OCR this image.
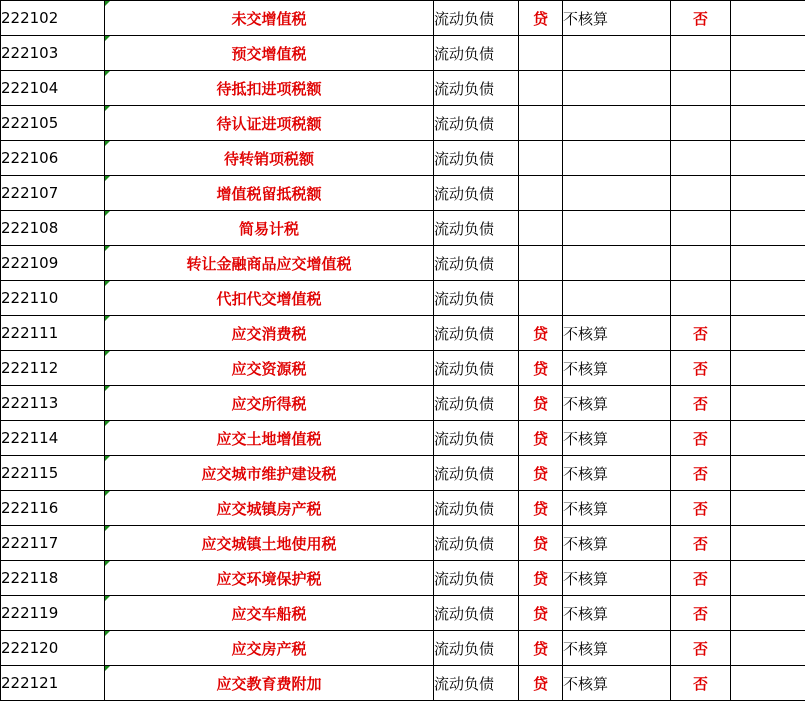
222102	未交增值税	流动负债	贷	不核算	否	
222103	预交增值税	流动负债				
222104	待抵扣进项税额	流动负债				
222105	待认证进项税额	流动负债				
222106	待转销项税额	流动负债				
222107	增值税留抵税额	流动负债				
222108	简易计税	流动负债				
222109	转让金融商品应交增值税	流动负债				
222110	代扣代交增值税	流动负债				
222111	应交消费税	流动负债	贷	不核算	否	
222112	应交资源税	流动负债	贷	不核算	否	
222113	应交所得税	流动负债	贷	不核算	否	
222114	应交土地增值税	流动负债	贷	不核算	否	
222115	应交城市维护建设税	流动负债	贷	不核算	否	
222116	应交城镇房产税	流动负债	贷	不核算	否	
222117	应交城镇土地使用税	流动负债	贷	不核算	否	
222118	应交环境保护税	流动负债	贷	不核算	否	
222119	应交车船税	流动负债	贷	不核算	否	
222120	应交房产税	流动负债	贷	不核算	否	
222121	应交教育费附加	流动负债	贷	不核算	否	
